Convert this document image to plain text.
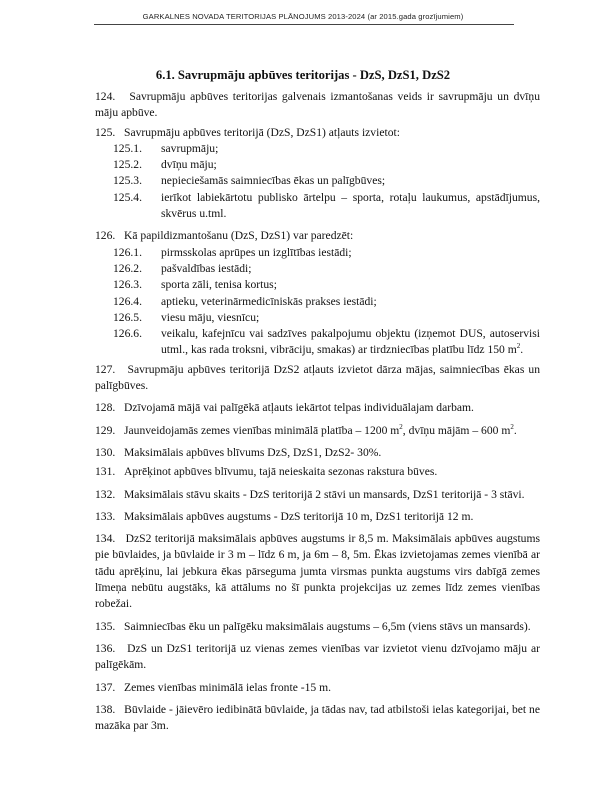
GARKALNES NOVADA TERITORIJAS PLĀNOJUMS 2013-2024 (ar 2015.gada grozījumiem)
6.1. Savrupmāju apbūves teritorijas - DzS, DzS1, DzS2

124. Savrupmāju apbūves teritorijas galvenais izmantošanas veids ir savrupmāju un dvīņu māju apbūve.

125. Savrupmāju apbūves teritorijā (DzS, DzS1) atļauts izvietot:

125.1.	savrupmāju;
125.2.	dvīņu māju;
125.3.	nepieciešamās saimniecības ēkas un palīgbūves;
125.4.	ierīkot labiekārtotu publisko ārtelpu – sporta, rotaļu laukumus, apstādījumus, skvērus u.tml.

126. Kā papildizmantošanu (DzS, DzS1) var paredzēt:

126.1.	pirmsskolas aprūpes un izglītības iestādi;
126.2.	pašvaldības iestādi;
126.3.	sporta zāli, tenisa kortus;
126.4.	aptieku, veterinārmedicīniskās prakses iestādi;
126.5.	viesu māju, viesnīcu;
126.6.	veikalu, kafejnīcu vai sadzīves pakalpojumu objektu (izņemot DUS, autoservisi utml., kas rada troksni, vibrāciju, smakas) ar tirdzniecības platību līdz 150 $m^2$.

127. Savrupmāju apbūves teritorijā DzS2 atļauts izvietot dārza mājas, saimniecības ēkas un palīgbūves.

128. Dzīvojamā mājā vai palīgēkā atļauts iekārtot telpas individuālajam darbam.

129. Jaunveidojamās zemes vienības minimālā platība – 1200 $m^2$, dvīņu mājām – 600 $m^2$.

130. Maksimālais apbūves blīvums DzS, DzS1, DzS2- 30%.

131. Aprēķinot apbūves blīvumu, tajā neieskaita sezonas rakstura būves.

132. Maksimālais stāvu skaits - DzS teritorijā 2 stāvi un mansards, DzS1 teritorijā - 3 stāvi.

133. Maksimālais apbūves augstums - DzS teritorijā 10 m, DzS1 teritorijā 12 m.

134. DzS2 teritorijā maksimālais apbūves augstums ir 8,5 m. Maksimālais apbūves augstums pie būvlaides, ja būvlaide ir 3 m – līdz 6 m, ja 6m – 8, 5m. Ēkas izvietojamas zemes vienībā ar tādu aprēķinu, lai jebkura ēkas pārseguma jumta virsmas punkta augstums virs dabīgā zemes līmeņa nebūtu augstāks, kā attālums no šī punkta projekcijas uz zemes līdz zemes vienības robežai.

135. Saimniecības ēku un palīgēku maksimālais augstums – 6,5m (viens stāvs un mansards).

136. DzS un DzS1 teritorijā uz vienas zemes vienības var izvietot vienu dzīvojamo māju ar palīgēkām.

137. Zemes vienības minimālā ielas fronte -15 m.

138. Būvlaide - jāievēro iedibinātā būvlaide, ja tādas nav, tad atbilstoši ielas kategorijai, bet ne mazāka par 3m.
